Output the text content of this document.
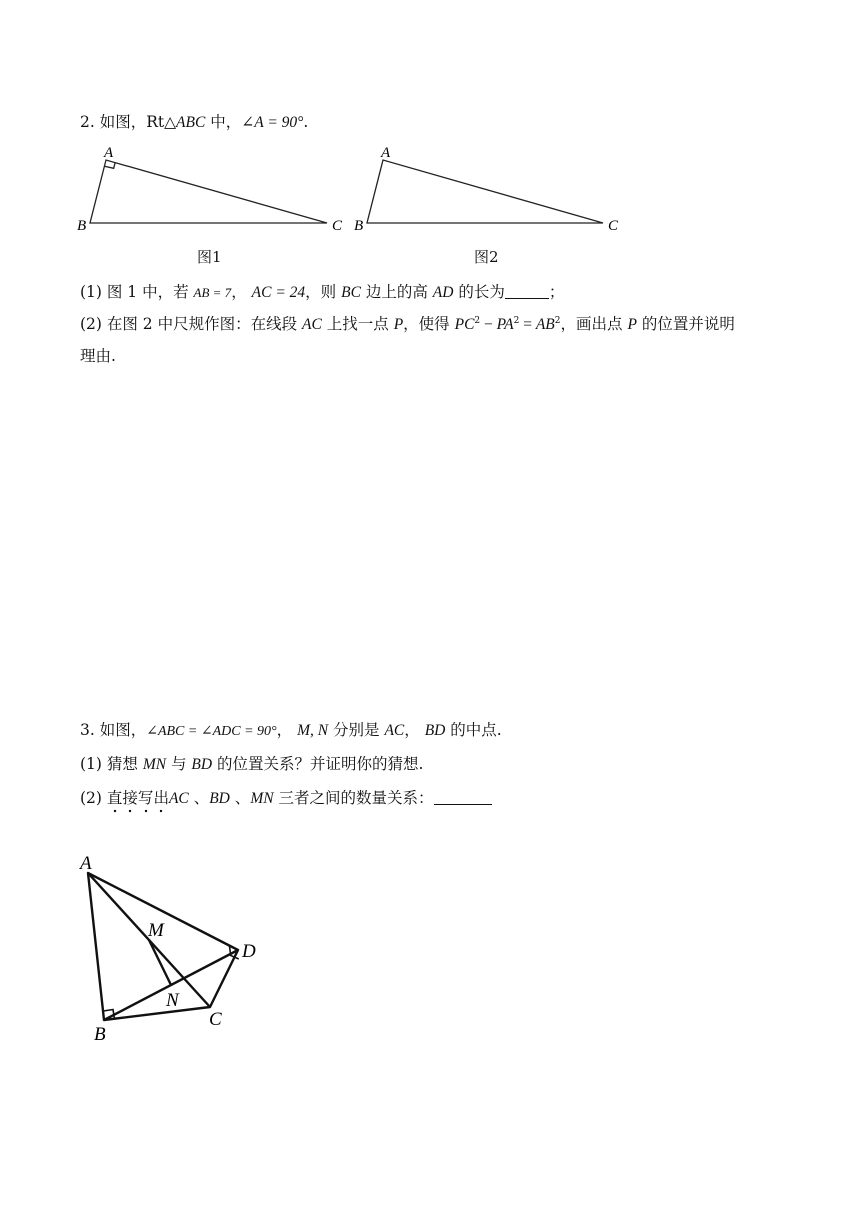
2. 如图，Rt△ABC 中，∠A = 90°.
A
B	C
A
B	C
A
B
C
D
M
N
图1	图2
(1) 图 1 中，若 AB = 7， AC = 24，则 BC 边上的高 AD 的长为	；
(2) 在图 2 中尺规作图：在线段 AC 上找一点 P，使得 $PC^2 - PA^2 = AB^2$，画出点 P 的位置并说明
理由.
3. 如图，∠ABC = ∠ADC = 90°， M, N 分别是 AC， BD 的中点.
(1) 猜想 MN 与 BD 的位置关系？并证明你的猜想.
(2) 直接写出AC 、BD 、MN 三者之间的数量关系：
